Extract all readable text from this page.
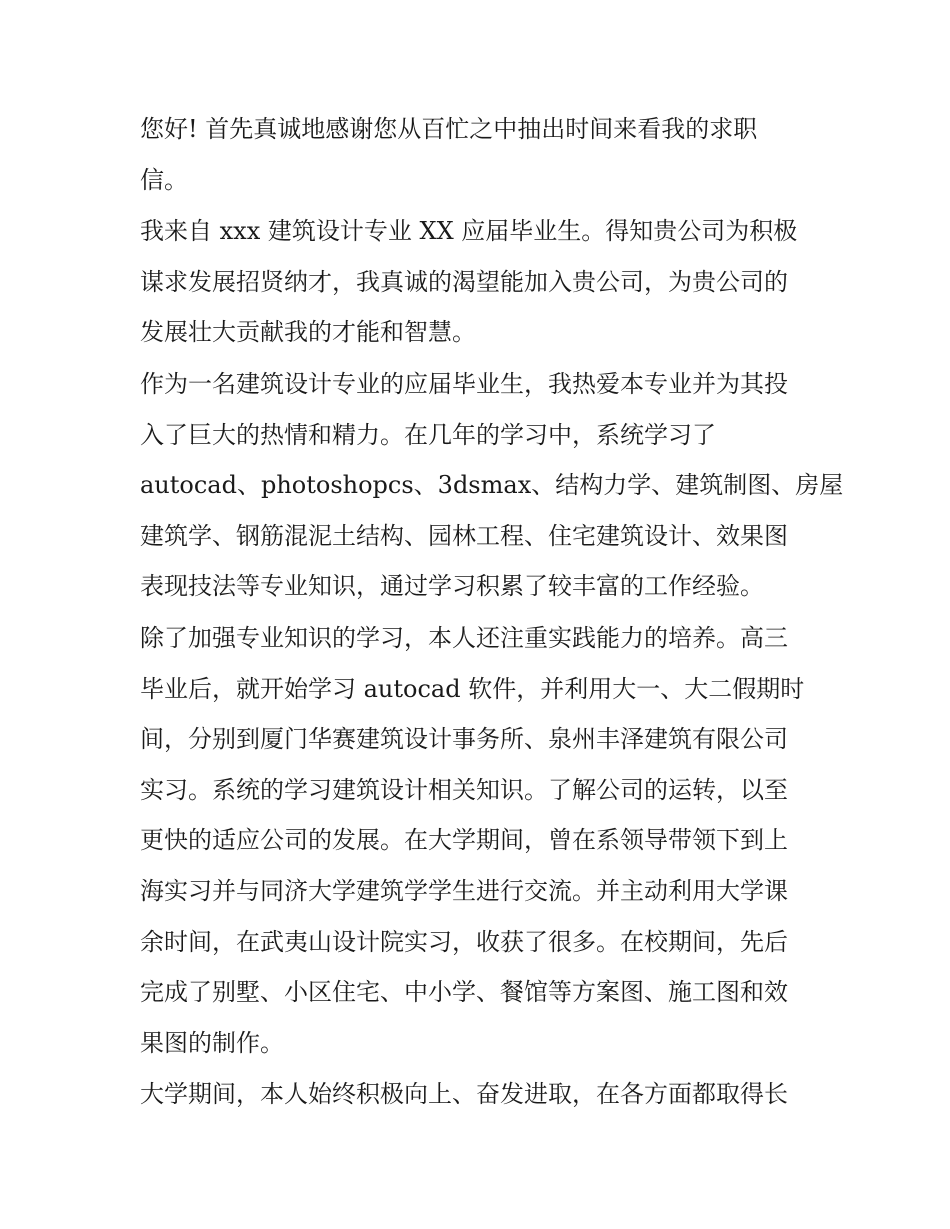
您好! 首先真诚地感谢您从百忙之中抽出时间来看我的求职
信。

我来自 xxx 建筑设计专业 XX 应届毕业生。得知贵公司为积极
谋求发展招贤纳才，我真诚的渴望能加入贵公司，为贵公司的
发展壮大贡献我的才能和智慧。

作为一名建筑设计专业的应届毕业生，我热爱本专业并为其投
入了巨大的热情和精力。在几年的学习中，系统学习了
autocad、photoshopcs、3dsmax、结构力学、建筑制图、房屋
建筑学、钢筋混泥土结构、园林工程、住宅建筑设计、效果图
表现技法等专业知识，通过学习积累了较丰富的工作经验。

除了加强专业知识的学习，本人还注重实践能力的培养。高三
毕业后，就开始学习 autocad 软件，并利用大一、大二假期时
间，分别到厦门华赛建筑设计事务所、泉州丰泽建筑有限公司
实习。系统的学习建筑设计相关知识。了解公司的运转，以至
更快的适应公司的发展。在大学期间，曾在系领导带领下到上
海实习并与同济大学建筑学学生进行交流。并主动利用大学课
余时间，在武夷山设计院实习，收获了很多。在校期间，先后
完成了别墅、小区住宅、中小学、餐馆等方案图、施工图和效
果图的制作。

大学期间，本人始终积极向上、奋发进取，在各方面都取得长
